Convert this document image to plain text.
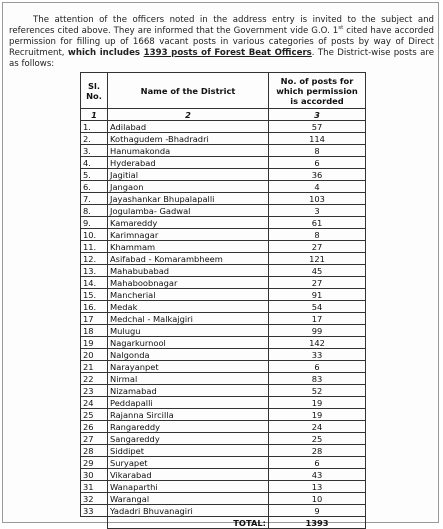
The attention of the officers noted in the address entry is invited to the subject and references cited above. They are informed that the Government vide G.O. 1st cited have accorded permission for filling up of 1668 vacant posts in various categories of posts by way of Direct Recruitment, which includes 1393 posts of Forest Beat Officers. The District-wise posts are as follows:

Sl. No.	Name of the District	No. of posts for which permission is accorded
1	2	3
1.	Adilabad	57
2.	Kothagudem -Bhadradri	114
3.	Hanumakonda	8
4.	Hyderabad	6
5.	Jagitial	36
6.	Jangaon	4
7.	Jayashankar Bhupalapalli	103
8.	Jogulamba- Gadwal	3
9.	Kamareddy	61
10.	Karimnagar	8
11.	Khammam	27
12.	Asifabad - Komarambheem	121
13.	Mahabubabad	45
14.	Mahaboobnagar	27
15.	Mancherial	91
16.	Medak	54
17	Medchal - Malkajgiri	17
18	Mulugu	99
19	Nagarkurnool	142
20	Nalgonda	33
21	Narayanpet	6
22	Nirmal	83
23	Nizamabad	52
24	Peddapalli	19
25	Rajanna Sircilla	19
26	Rangareddy	24
27	Sangareddy	25
28	Siddipet	28
29	Suryapet	6
30	Vikarabad	43
31	Wanaparthi	13
32	Warangal	10
33	Yadadri Bhuvanagiri	9
	TOTAL:	1393
